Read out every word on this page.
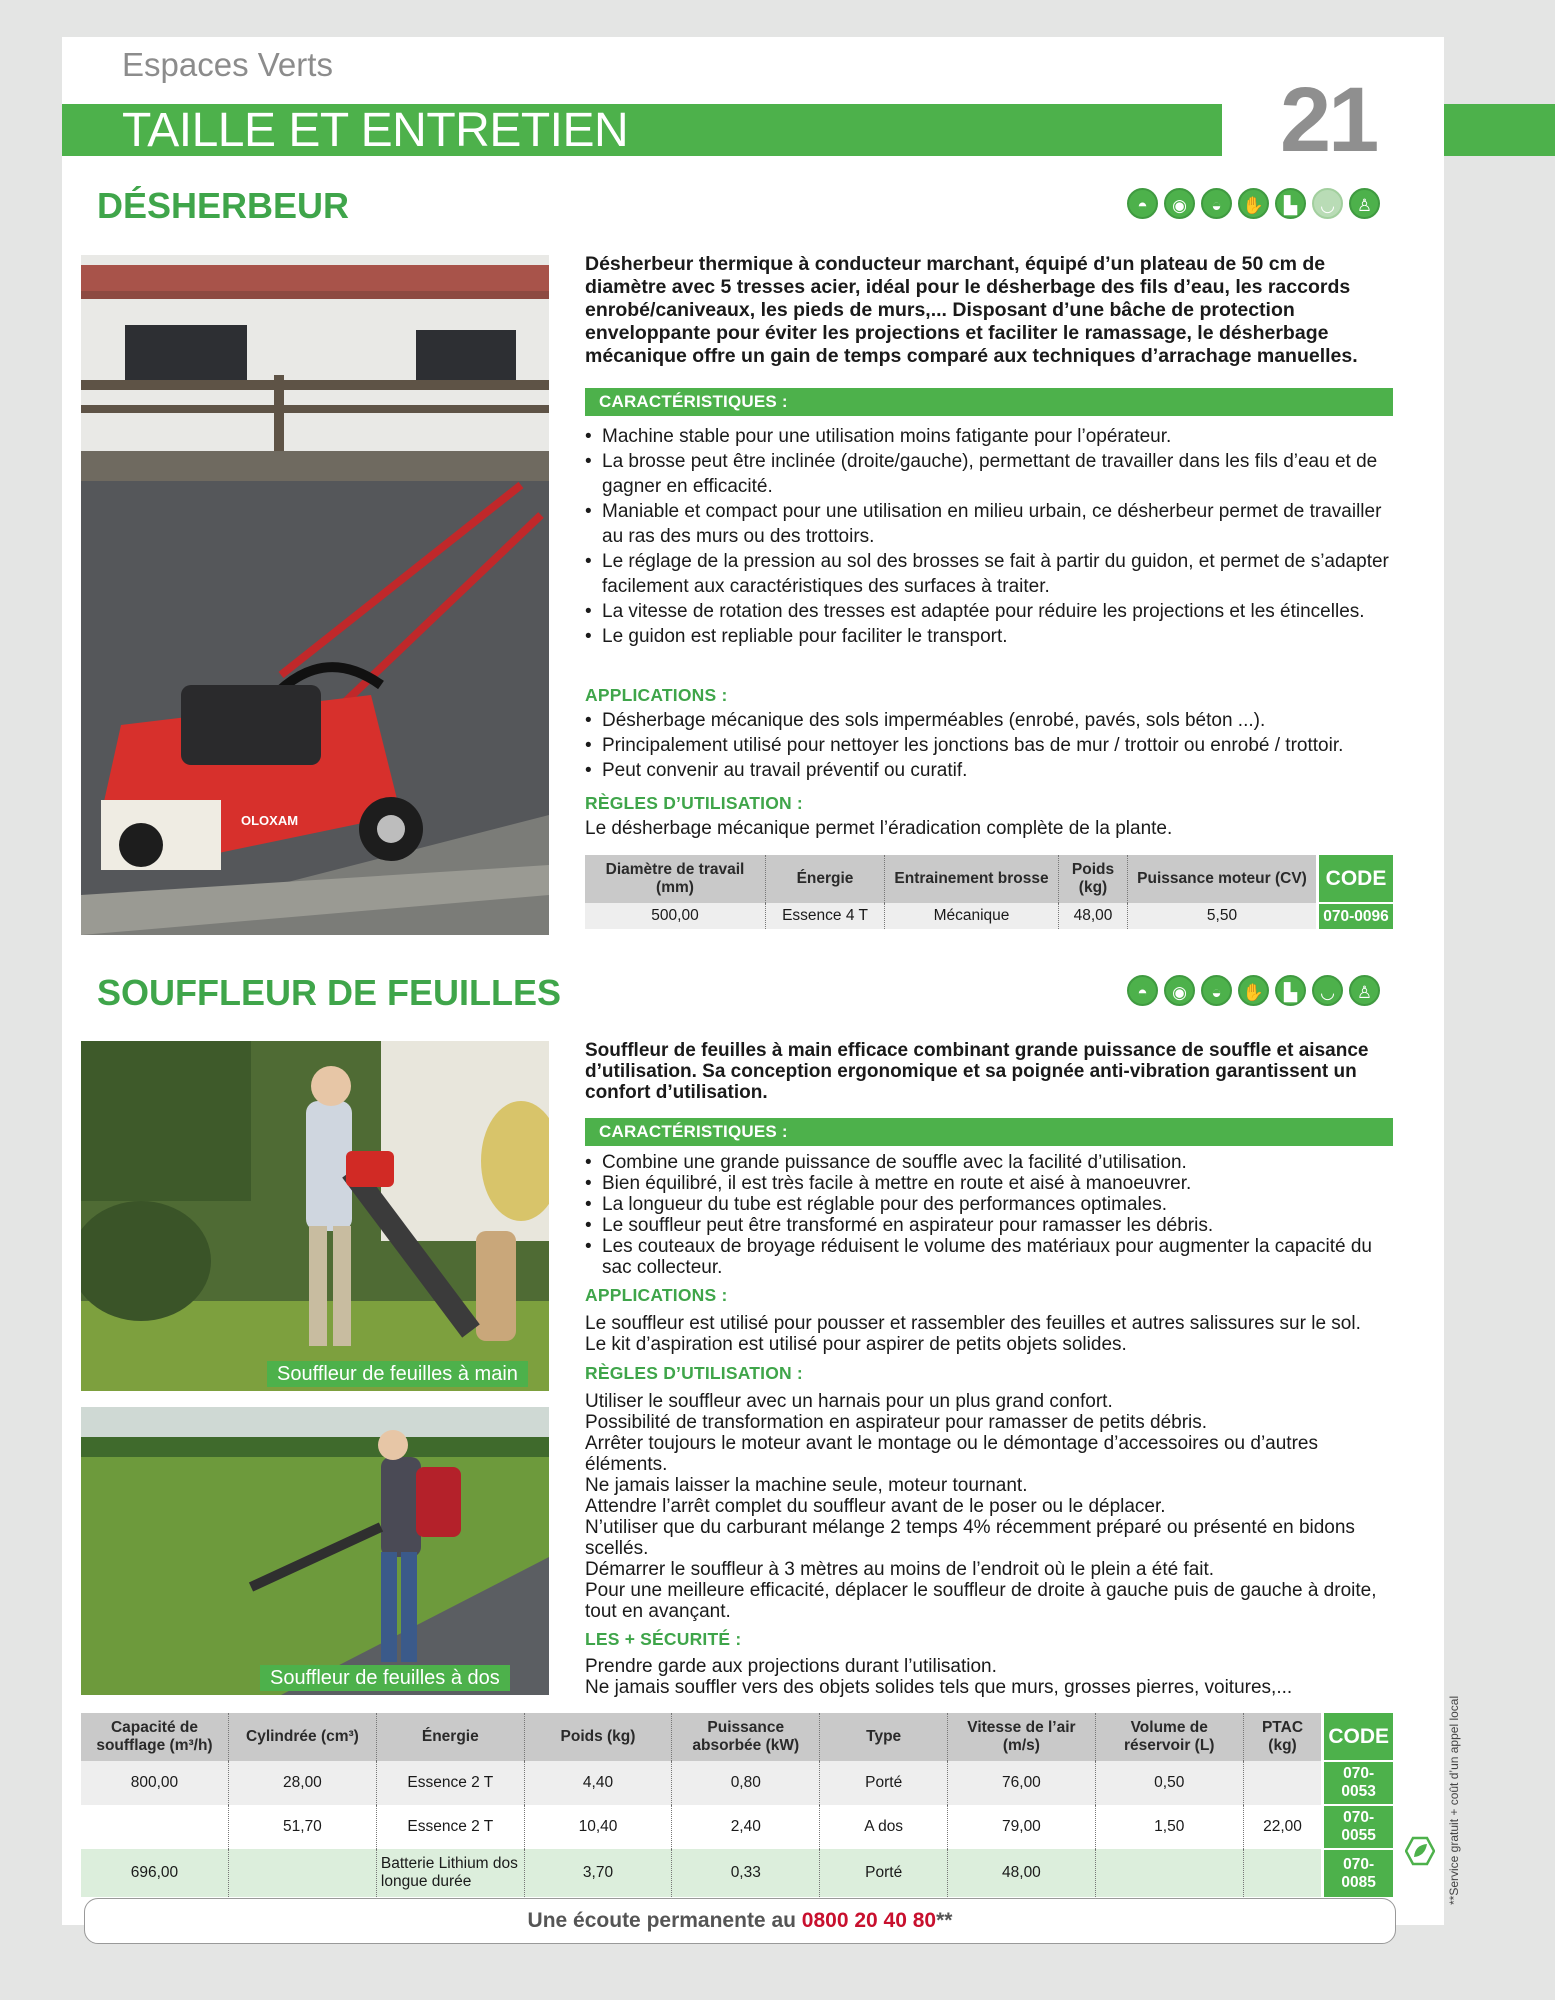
Espaces Verts
TAILLE ET ENTRETIEN	21
DÉSHERBEUR	◓	◉	◒	✋	▙	◡	♙
OLOXAM
Désherbeur thermique à conducteur marchant, équipé d’un plateau de 50 cm de diamètre avec 5 tresses acier, idéal pour le désherbage des fils d’eau, les raccords enrobé/caniveaux, les pieds de murs,... Disposant d’une bâche de protection enveloppante pour éviter les projections et faciliter le ramassage, le désherbage mécanique offre un gain de temps comparé aux techniques d’arrachage manuelles.
CARACTÉRISTIQUES :
• Machine stable pour une utilisation moins fatigante pour l’opérateur.
• La brosse peut être inclinée (droite/gauche), permettant de travailler dans les fils d’eau et de gagner en efficacité.
• Maniable et compact pour une utilisation en milieu urbain, ce désherbeur permet de travailler au ras des murs ou des trottoirs.
• Le réglage de la pression au sol des brosses se fait à partir du guidon, et permet de s’adapter facilement aux caractéristiques des surfaces à traiter.
• La vitesse de rotation des tresses est adaptée pour réduire les projections et les étincelles.
• Le guidon est repliable pour faciliter le transport.
APPLICATIONS :
• Désherbage mécanique des sols imperméables (enrobé, pavés, sols béton ...).
• Principalement utilisé pour nettoyer les jonctions bas de mur / trottoir ou enrobé / trottoir.
• Peut convenir au travail préventif ou curatif.
RÈGLES D’UTILISATION :
Le désherbage mécanique permet l’éradication complète de la plante.
Diamètre de travail (mm)	Énergie	Entrainement brosse	Poids (kg)	Puissance moteur (CV)	CODE
500,00	Essence 4 T	Mécanique	48,00	5,50	070-0096
SOUFFLEUR DE FEUILLES	◓	◉	◒	✋	▙	◡	♙
Souffleur de feuilles à main
Souffleur de feuilles à dos
Souffleur de feuilles à main efficace combinant grande puissance de souffle et aisance d’utilisation. Sa conception ergonomique et sa poignée anti-vibration garantissent un confort d’utilisation.
CARACTÉRISTIQUES :
• Combine une grande puissance de souffle avec la facilité d’utilisation.
• Bien équilibré, il est très facile à mettre en route et aisé à manoeuvrer.
• La longueur du tube est réglable pour des performances optimales.
• Le souffleur peut être transformé en aspirateur pour ramasser les débris.
• Les couteaux de broyage réduisent le volume des matériaux pour augmenter la capacité du sac collecteur.
APPLICATIONS :
Le souffleur est utilisé pour pousser et rassembler des feuilles et autres salissures sur le sol.
Le kit d’aspiration est utilisé pour aspirer de petits objets solides.
RÈGLES D’UTILISATION :
Utiliser le souffleur avec un harnais pour un plus grand confort.
Possibilité de transformation en aspirateur pour ramasser de petits débris.
Arrêter toujours le moteur avant le montage ou le démontage d’accessoires ou d’autres éléments.
Ne jamais laisser la machine seule, moteur tournant.
Attendre l’arrêt complet du souffleur avant de le poser ou le déplacer.
N’utiliser que du carburant mélange 2 temps 4% récemment préparé ou présenté en bidons scellés.
Démarrer le souffleur à 3 mètres au moins de l’endroit où le plein a été fait.
Pour une meilleure efficacité, déplacer le souffleur de droite à gauche puis de gauche à droite, tout en avançant.
LES + SÉCURITÉ :
Prendre garde aux projections durant l’utilisation.
Ne jamais souffler vers des objets solides tels que murs, grosses pierres, voitures,...
Capacité de soufflage (m³/h)	Cylindrée (cm³)	Énergie	Poids (kg)	Puissance absorbée (kW)	Type	Vitesse de l’air (m/s)	Volume de réservoir (L)	PTAC (kg)	CODE
800,00	28,00	Essence 2 T	4,40	0,80	Porté	76,00	0,50		070-0053
	51,70	Essence 2 T	10,40	2,40	A dos	79,00	1,50	22,00	070-0055
696,00		Batterie Lithium dos longue durée	3,70	0,33	Porté	48,00			070-0085	**Service gratuit + coût d’un appel local
Une écoute permanente au 0800 20 40 80**
